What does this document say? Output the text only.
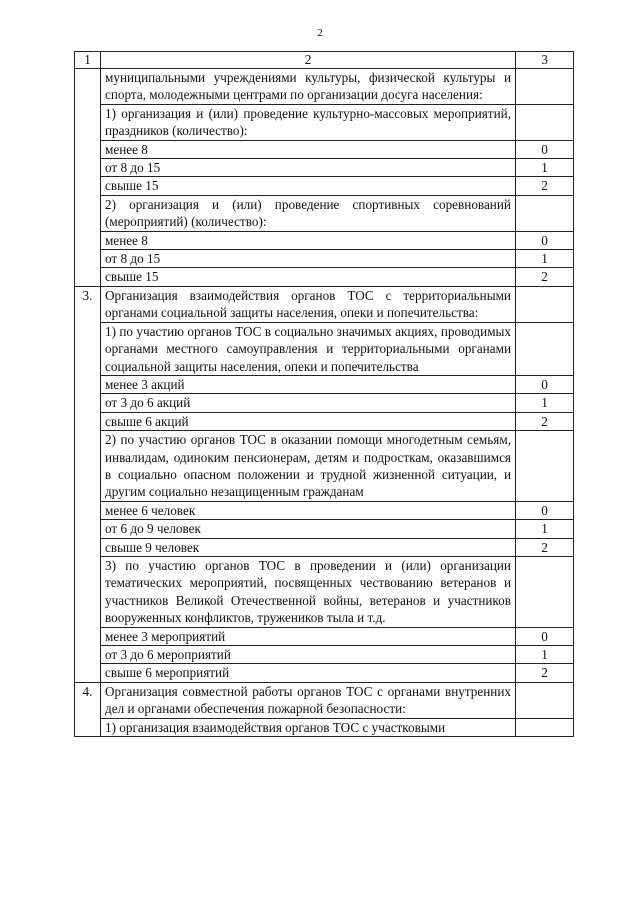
2
1	2	3
	муниципальными учреждениями культуры, физической культуры и спорта, молодежными центрами по организации досуга населения:	
	1) организация и (или) проведение культурно-массовых мероприятий, праздников (количество):	
	менее 8	0
	от 8 до 15	1
	свыше 15	2
	2) организация и (или) проведение спортивных соревнований (мероприятий) (количество):	
	менее 8	0
	от 8 до 15	1
	свыше 15	2
3.	Организация взаимодействия органов ТОС с территориальными органами социальной защиты населения, опеки и попечительства:	
	1) по участию органов ТОС в социально значимых акциях, проводимых органами местного самоуправления и территориальными органами социальной защиты населения, опеки и попечительства	
	менее 3 акций	0
	от 3 до 6 акций	1
	свыше 6 акций	2
	2) по участию органов ТОС в оказании помощи многодетным семьям, инвалидам, одиноким пенсионерам, детям и подросткам, оказавшимся в социально опасном положении и трудной жизненной ситуации, и другим социально незащищенным гражданам	
	менее 6 человек	0
	от 6 до 9 человек	1
	свыше 9 человек	2
	3) по участию органов ТОС в проведении и (или) организации тематических мероприятий, посвященных чествованию ветеранов и участников Великой Отечественной войны, ветеранов и участников вооруженных конфликтов, тружеников тыла и т.д.	
	менее 3 мероприятий	0
	от 3 до 6 мероприятий	1
	свыше 6 мероприятий	2
4.	Организация совместной работы органов ТОС с органами внутренних дел и органами обеспечения пожарной безопасности:	
	1) организация взаимодействия органов ТОС с участковыми	
